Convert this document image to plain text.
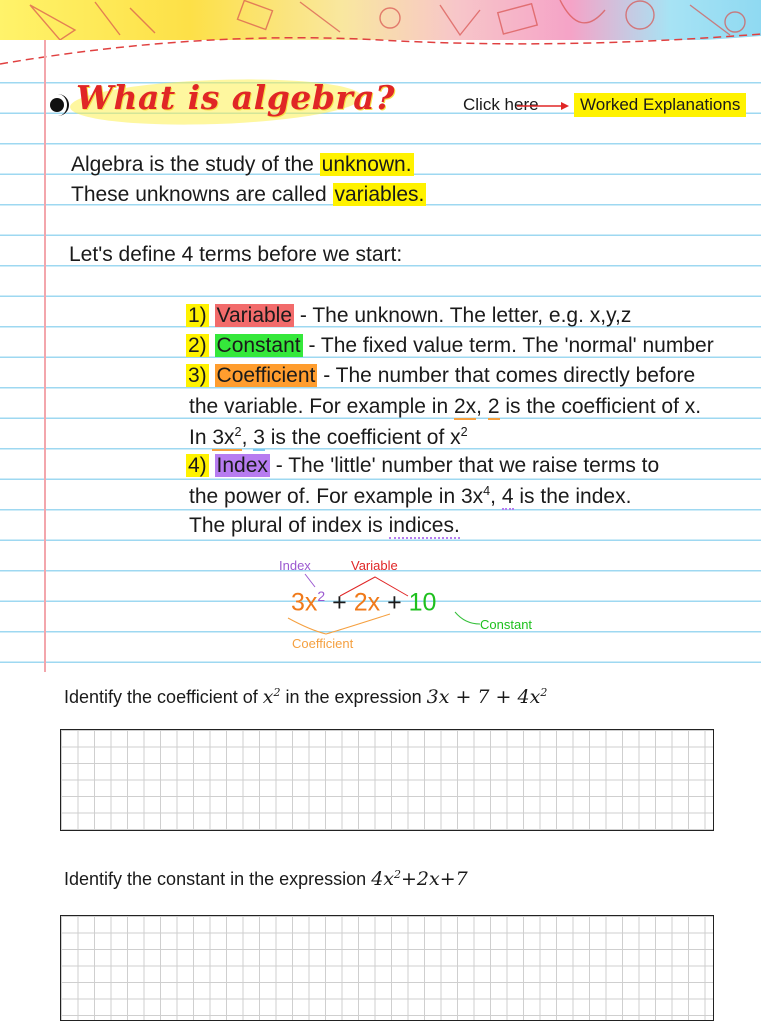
What is algebra?	Click here	Worked Explanations
Algebra is the study of the unknown.
These unknowns are called variables.
Let's define 4 terms before we start:
1) Variable - The unknown. The letter, e.g. x,y,z
2) Constant - The fixed value term. The 'normal' number
3) Coefficient - The number that comes directly before
the variable. For example in 2x, 2 is the coefficient of x.
In $3x^2$, 3 is the coefficient of $x^2$
4) Index - The 'little' number that we raise terms to
the power of. For example in $3x^4$, 4 is the index.
The plural of index is indices.
Index	Variable
$3x^2 + 2x + 10$
Constant
Coefficient
Identify the coefficient of $x^2$ in the expression $3x + 7 + 4x^2$
Identify the constant in the expression $4x^2+2x+7$
